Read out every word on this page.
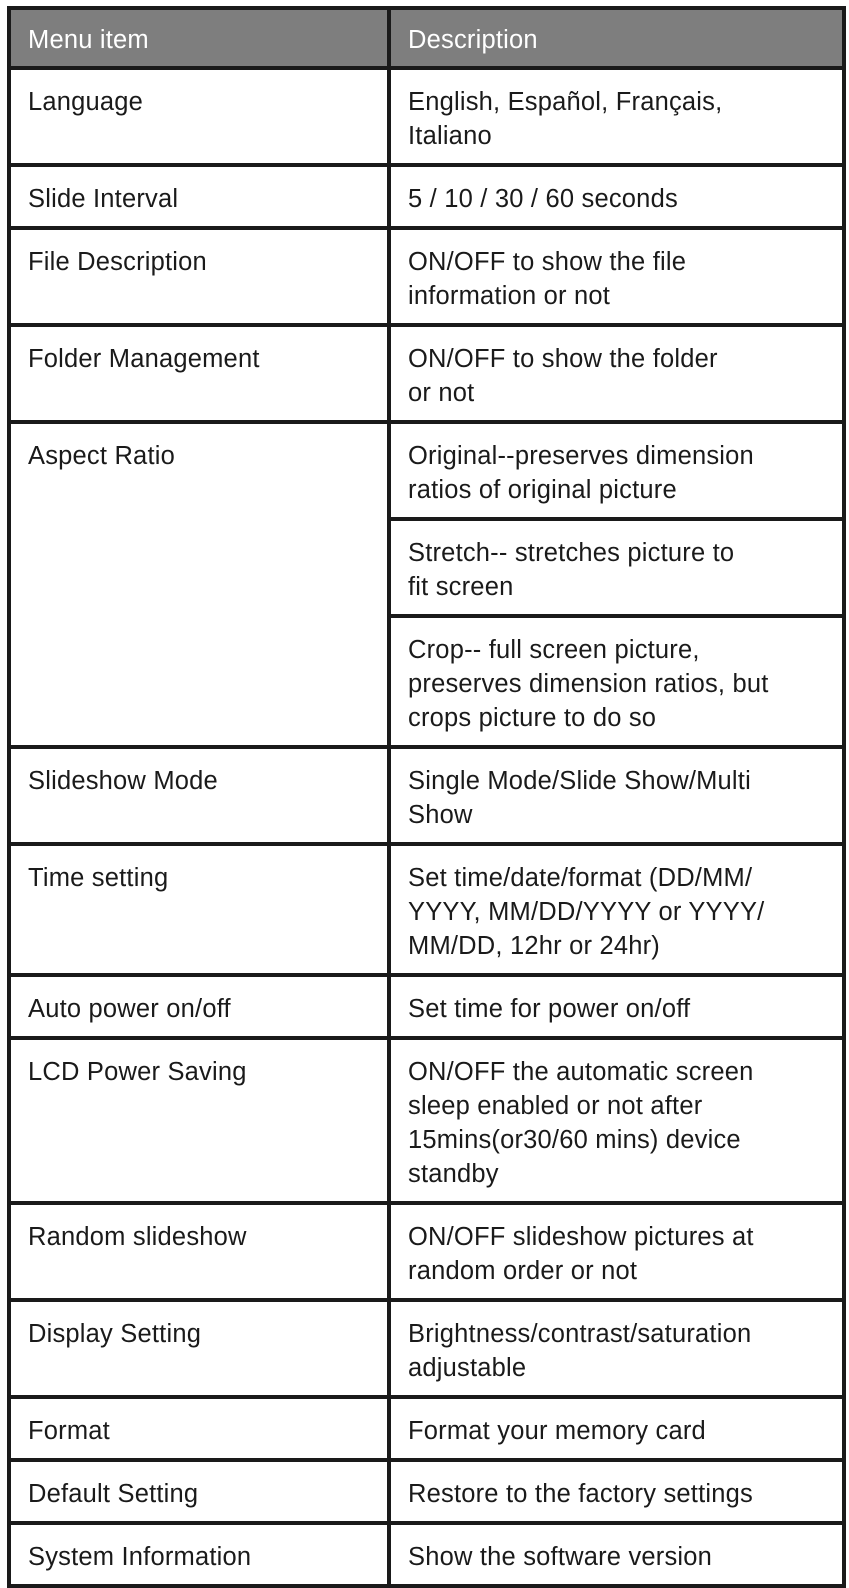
Menu item	Description
Language	English, Español, Français,
Italiano

Slide Interval	5 / 10 / 30 / 60 seconds

File Description	ON/OFF to show the file
information or not

Folder Management	ON/OFF to show the folder
or not

Aspect Ratio	Original--preserves dimension
ratios of original picture

	Stretch-- stretches picture to
fit screen

	Crop-- full screen picture,
preserves dimension ratios, but
crops picture to do so

Slideshow Mode	Single Mode/Slide Show/Multi
Show

Time setting	Set time/date/format (DD/MM/
YYYY, MM/DD/YYYY or YYYY/
MM/DD, 12hr or 24hr)

Auto power on/off	Set time for power on/off

LCD Power Saving	ON/OFF the automatic screen
sleep enabled or not after
15mins(or30/60 mins) device
standby

Random slideshow	ON/OFF slideshow pictures at
random order or not

Display Setting	Brightness/contrast/saturation
adjustable

Format	Format your memory card

Default Setting	Restore to the factory settings

System Information	Show the software version
